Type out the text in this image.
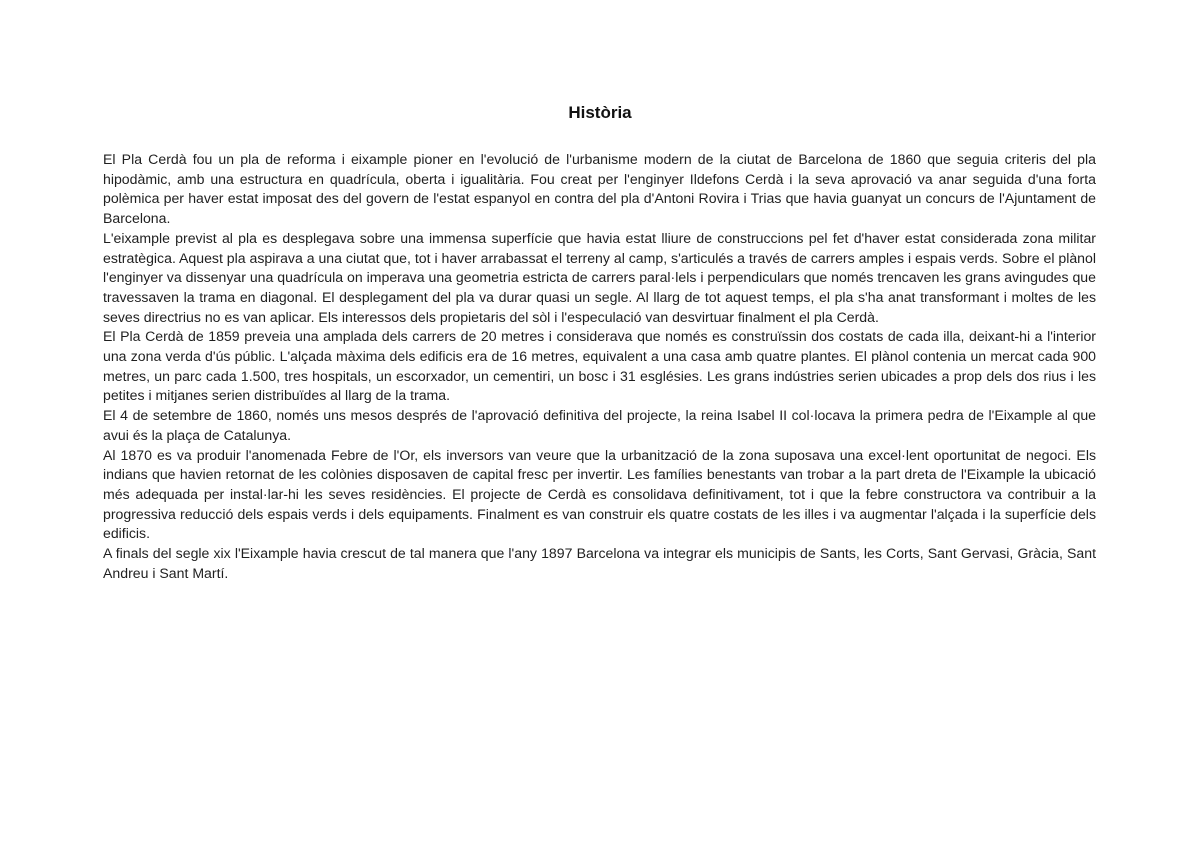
Història

El Pla Cerdà fou un pla de reforma i eixample pioner en l'evolució de l'urbanisme modern de la ciutat de Barcelona de 1860 que seguia criteris del pla hipodàmic, amb una estructura en quadrícula, oberta i igualitària. Fou creat per l'enginyer Ildefons Cerdà i la seva aprovació va anar seguida d'una forta polèmica per haver estat imposat des del govern de l'estat espanyol en contra del pla d'Antoni Rovira i Trias que havia guanyat un concurs de l'Ajuntament de Barcelona.

L'eixample previst al pla es desplegava sobre una immensa superfície que havia estat lliure de construccions pel fet d'haver estat considerada zona militar estratègica. Aquest pla aspirava a una ciutat que, tot i haver arrabassat el terreny al camp, s'articulés a través de carrers amples i espais verds. Sobre el plànol l'enginyer va dissenyar una quadrícula on imperava una geometria estricta de carrers paral·lels i perpendiculars que només trencaven les grans avingudes que travessaven la trama en diagonal. El desplegament del pla va durar quasi un segle. Al llarg de tot aquest temps, el pla s'ha anat transformant i moltes de les seves directrius no es van aplicar. Els interessos dels propietaris del sòl i l'especulació van desvirtuar finalment el pla Cerdà.

El Pla Cerdà de 1859 preveia una amplada dels carrers de 20 metres i considerava que només es construïssin dos costats de cada illa, deixant-hi a l'interior una zona verda d'ús públic. L'alçada màxima dels edificis era de 16 metres, equivalent a una casa amb quatre plantes. El plànol contenia un mercat cada 900 metres, un parc cada 1.500, tres hospitals, un escorxador, un cementiri, un bosc i 31 esglésies. Les grans indústries serien ubicades a prop dels dos rius i les petites i mitjanes serien distribuïdes al llarg de la trama.

El 4 de setembre de 1860, només uns mesos després de l'aprovació definitiva del projecte, la reina Isabel II col·locava la primera pedra de l'Eixample al que avui és la plaça de Catalunya.

Al 1870 es va produir l'anomenada Febre de l'Or, els inversors van veure que la urbanització de la zona suposava una excel·lent oportunitat de negoci. Els indians que havien retornat de les colònies disposaven de capital fresc per invertir. Les famílies benestants van trobar a la part dreta de l'Eixample la ubicació més adequada per instal·lar-hi les seves residències. El projecte de Cerdà es consolidava definitivament, tot i que la febre constructora va contribuir a la progressiva reducció dels espais verds i dels equipaments. Finalment es van construir els quatre costats de les illes i va augmentar l'alçada i la superfície dels edificis.

A finals del segle xix l'Eixample havia crescut de tal manera que l'any 1897 Barcelona va integrar els municipis de Sants, les Corts, Sant Gervasi, Gràcia, Sant Andreu i Sant Martí.
